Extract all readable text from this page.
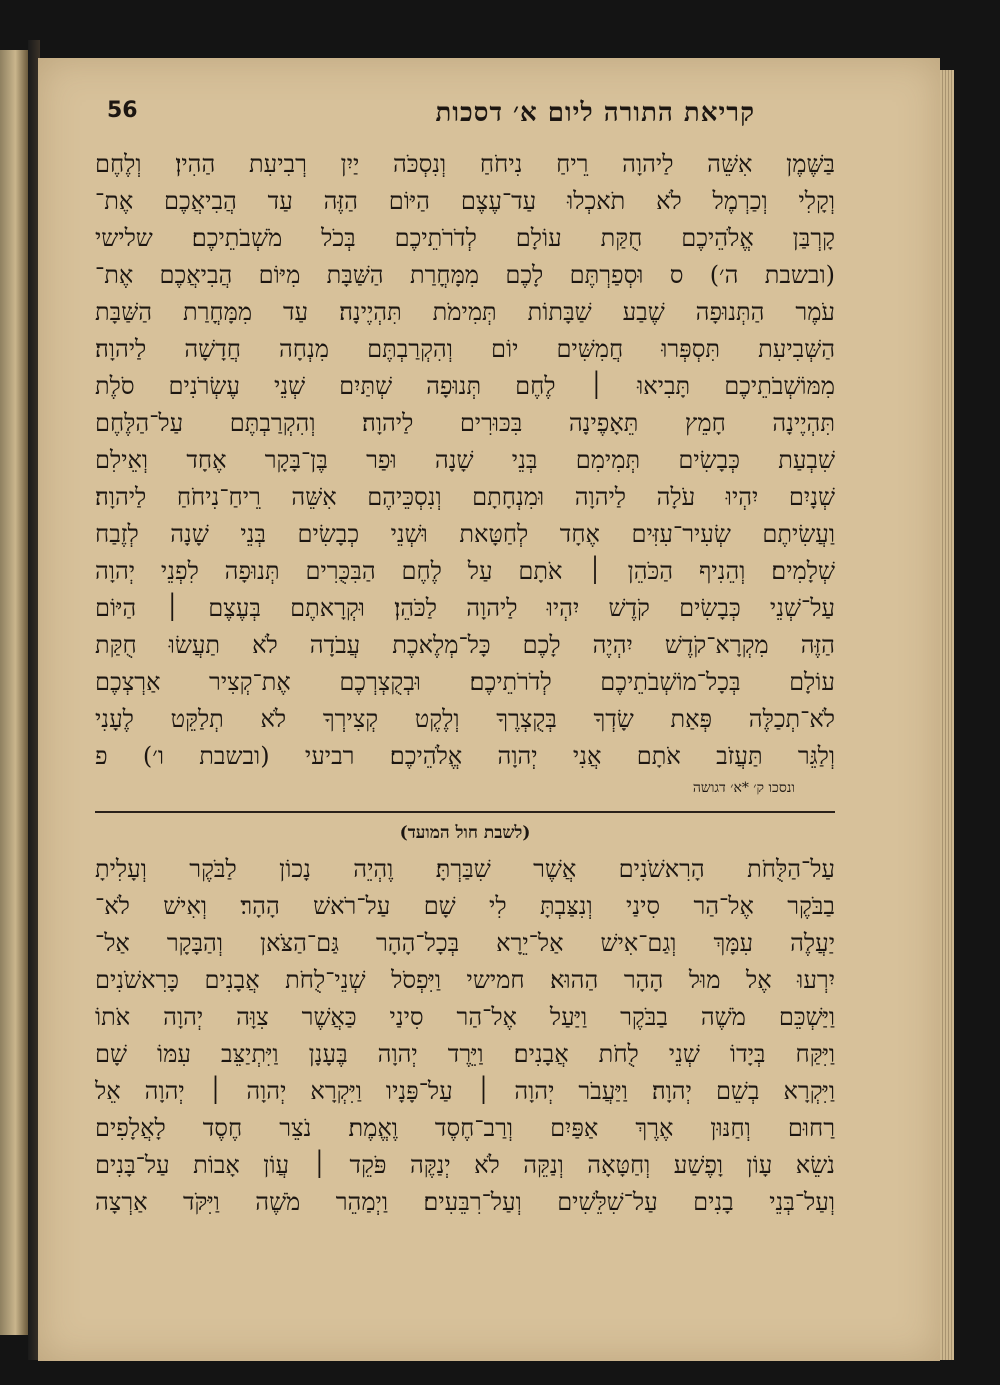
קריאת התורה ליום א׳ דסכות
56
בַּשֶּׁמֶן אִשֵּׁה לַיהוָה רֵיחַ נִיחֹחַ וְנִסְכֹּה יַיִן רְבִיעִת הַהִין׃ וְלֶחֶם
וְקָלִי וְכַרְמֶל לֹא תֹאכְלוּ עַד־עֶצֶם הַיּוֹם הַזֶּה עַד הֲבִיאֲכֶם אֶת־
קָרְבַּן אֱלֹהֵיכֶם חֻקַּת עוֹלָם לְדֹרֹתֵיכֶם בְּכֹל מֹשְׁבֹתֵיכֶם׃ שלישי
(ובשבת ה׳) ס וּסְפַרְתֶּם לָכֶם מִמָּחֳרַת הַשַּׁבָּת מִיּוֹם הֲבִיאֲכֶם אֶת־
עֹמֶר הַתְּנוּפָה שֶׁבַע שַׁבָּתוֹת תְּמִימֹת תִּהְיֶינָה׃ עַד מִמָּחֳרַת הַשַּׁבָּת
הַשְּׁבִיעִת תִּסְפְּרוּ חֲמִשִּׁים יוֹם וְהִקְרַבְתֶּם מִנְחָה חֲדָשָׁה לַיהוָה׃
מִמּוֹשְׁבֹתֵיכֶם תָּבִיאוּ ׀ לֶחֶם תְּנוּפָה שְׁתַּיִם שְׁנֵי עֶשְׂרֹנִים סֹלֶת
תִּהְיֶינָה חָמֵץ תֵּאָפֶינָה בִּכּוּרִים לַיהוָה׃ וְהִקְרַבְתֶּם עַל־הַלֶּחֶם
שִׁבְעַת כְּבָשִׂים תְּמִימִם בְּנֵי שָׁנָה וּפַר בֶּן־בָּקָר אֶחָד וְאֵילִם
שְׁנָיִם יִהְיוּ עֹלָה לַיהוָה וּמִנְחָתָם וְנִסְכֵּיהֶם אִשֵּׁה רֵיחַ־נִיחֹחַ לַיהוָה׃
וַעֲשִׂיתֶם שְׂעִיר־עִזִּים אֶחָד לְחַטָּאת וּשְׁנֵי כְבָשִׂים בְּנֵי שָׁנָה לְזֶבַח
שְׁלָמִים׃ וְהֵנִיף הַכֹּהֵן ׀ אֹתָם עַל לֶחֶם הַבִּכֻּרִים תְּנוּפָה לִפְנֵי יְהוָה
עַל־שְׁנֵי כְּבָשִׂים קֹדֶשׁ יִהְיוּ לַיהוָה לַכֹּהֵן׃ וּקְרָאתֶם בְּעֶצֶם ׀ הַיּוֹם
הַזֶּה מִקְרָא־קֹדֶשׁ יִהְיֶה לָכֶם כָּל־מְלֶאכֶת עֲבֹדָה לֹא תַעֲשׂוּ חֻקַּת
עוֹלָם בְּכָל־מוֹשְׁבֹתֵיכֶם לְדֹרֹתֵיכֶם׃ וּבְקֻצְרְכֶם אֶת־קְצִיר אַרְצְכֶם
לֹא־תְכַלֶּה פְּאַת שָׂדְךָ בְּקֻצְרֶךָ וְלֶקֶט קְצִירְךָ לֹא תְלַקֵּט לֶעָנִי
וְלַגֵּר תַּעֲזֹב אֹתָם אֲנִי יְהוָה אֱלֹהֵיכֶם׃ רביעי (ובשבת ו׳) פ
ונסכו ק׳ *א׳ דגושה
(לשבת חול המועד)
עַל־הַלֻּחֹת הָרִאשֹׁנִים אֲשֶׁר שִׁבַּרְתָּ׃ וֶהְיֵה נָכוֹן לַבֹּקֶר וְעָלִיתָ
בַבֹּקֶר אֶל־הַר סִינַי וְנִצַּבְתָּ לִי שָׁם עַל־רֹאשׁ הָהָר׃ וְאִישׁ לֹא־
יַעֲלֶה עִמָּךְ וְגַם־אִישׁ אַל־יֵרָא בְּכָל־הָהָר גַּם־הַצֹּאן וְהַבָּקָר אַל־
יִרְעוּ אֶל מוּל הָהָר הַהוּא׃ חמישי וַיִּפְסֹל שְׁנֵי־לֻחֹת אֲבָנִים כָּרִאשֹׁנִים
וַיַּשְׁכֵּם מֹשֶׁה בַבֹּקֶר וַיַּעַל אֶל־הַר סִינַי כַּאֲשֶׁר צִוָּה יְהוָה אֹתוֹ
וַיִּקַּח בְּיָדוֹ שְׁנֵי לֻחֹת אֲבָנִים׃ וַיֵּרֶד יְהוָה בֶּעָנָן וַיִּתְיַצֵּב עִמּוֹ שָׁם
וַיִּקְרָא בְשֵׁם יְהוָה׃ וַיַּעֲבֹר יְהוָה ׀ עַל־פָּנָיו וַיִּקְרָא יְהוָה ׀ יְהוָה אֵל
רַחוּם וְחַנּוּן אֶרֶךְ אַפַּיִם וְרַב־חֶסֶד וֶאֱמֶת׃ נֹצֵר חֶסֶד לָאֲלָפִים
נֹשֵׂא עָוֹן וָפֶשַׁע וְחַטָּאָה וְנַקֵּה לֹא יְנַקֶּה פֹּקֵד ׀ עֲוֹן אָבוֹת עַל־בָּנִים
וְעַל־בְּנֵי בָנִים עַל־שִׁלֵּשִׁים וְעַל־רִבֵּעִים׃ וַיְמַהֵר מֹשֶׁה וַיִּקֹּד אַרְצָה
